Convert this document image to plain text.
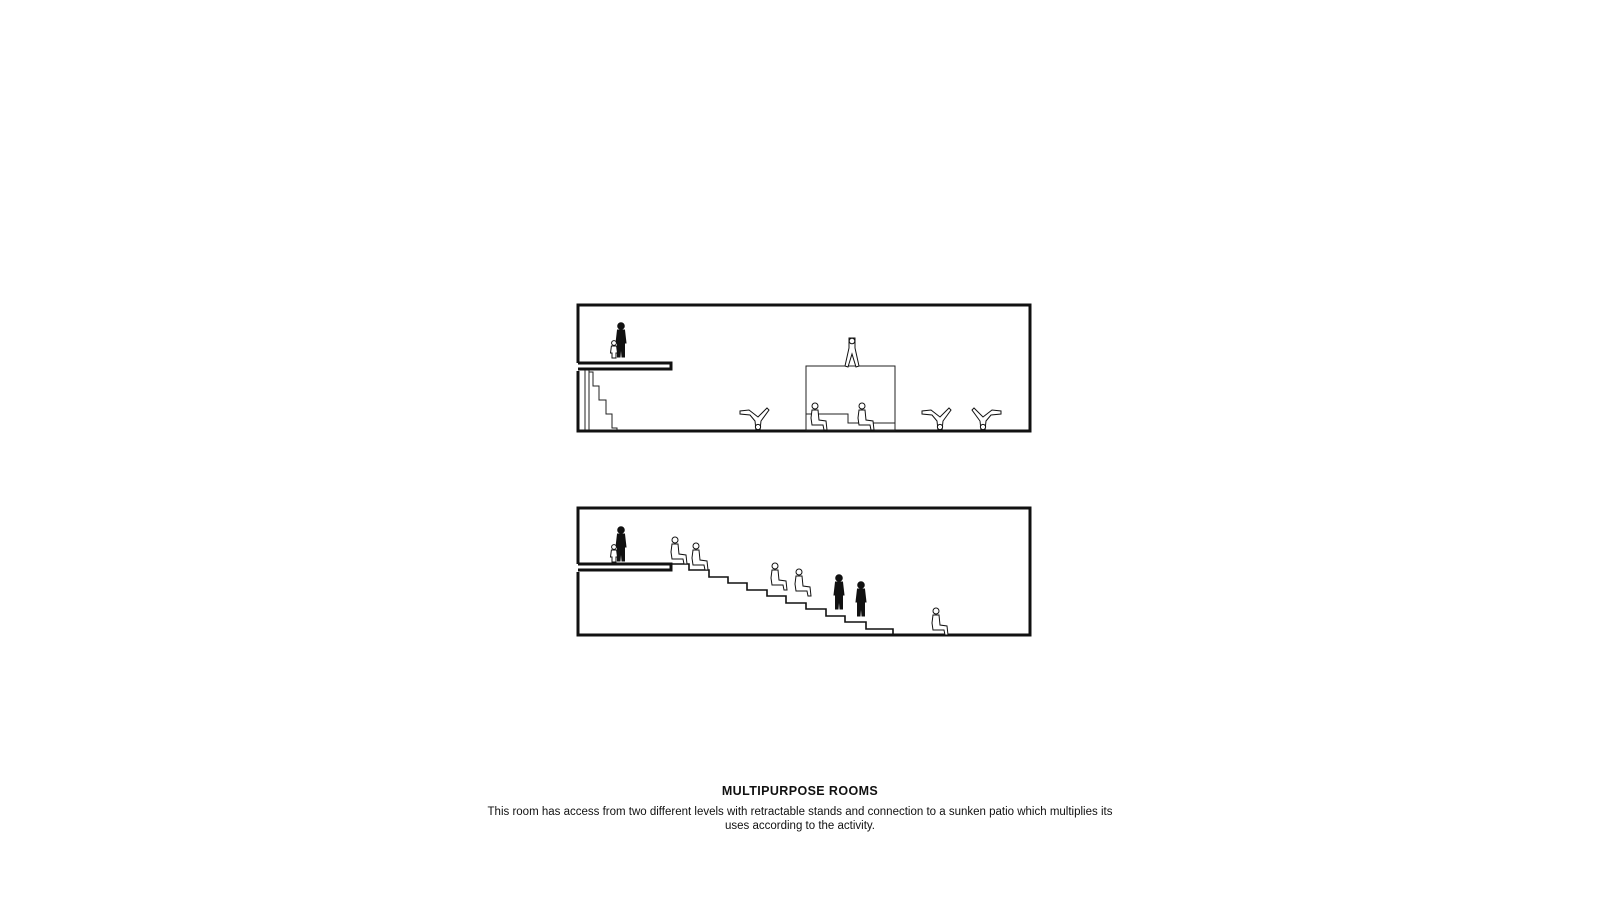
MULTIPURPOSE ROOMS
This room has access from two different levels with retractable stands and connection to a sunken patio which multiplies its uses according to the activity.
